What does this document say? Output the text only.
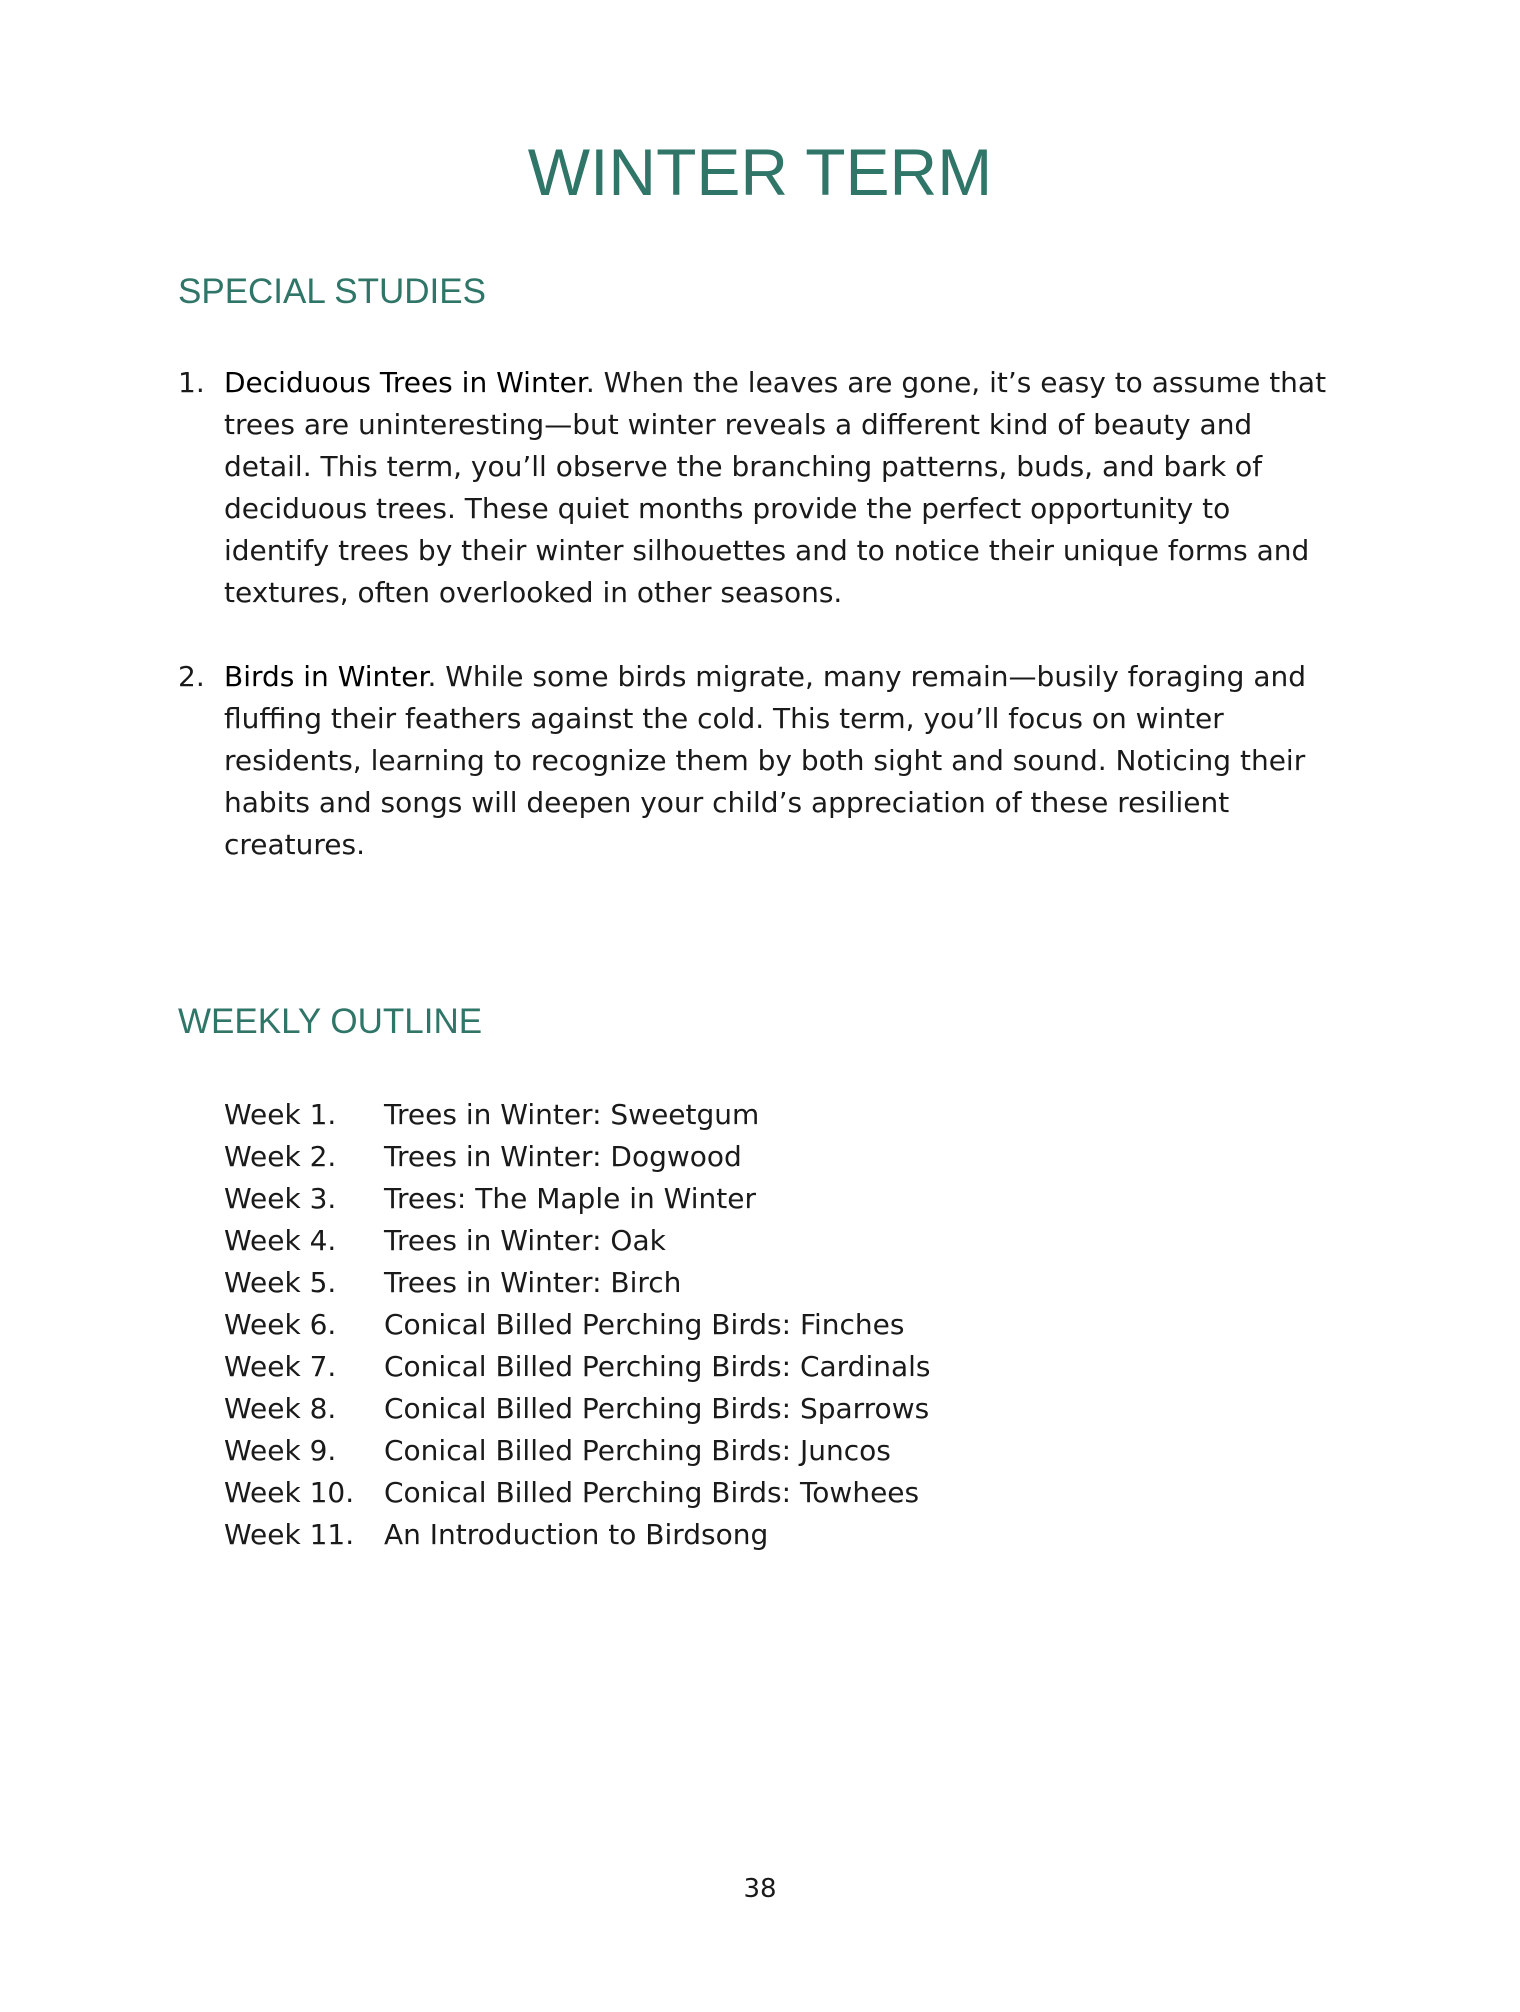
WINTER TERM
SPECIAL STUDIES
1. Deciduous Trees in Winter. When the leaves are gone, it’s easy to assume that trees are uninteresting—but winter reveals a different kind of beauty and detail. This term, you’ll observe the branching patterns, buds, and bark of deciduous trees. These quiet months provide the perfect opportunity to identify trees by their winter silhouettes and to notice their unique forms and textures, often overlooked in other seasons.
2. Birds in Winter. While some birds migrate, many remain—busily foraging and fluffing their feathers against the cold. This term, you’ll focus on winter residents, learning to recognize them by both sight and sound. Noticing their habits and songs will deepen your child’s appreciation of these resilient creatures.
WEEKLY OUTLINE
Week 1.	Trees in Winter: Sweetgum
Week 2.	Trees in Winter: Dogwood
Week 3.	Trees: The Maple in Winter
Week 4.	Trees in Winter: Oak
Week 5.	Trees in Winter: Birch
Week 6.	Conical Billed Perching Birds: Finches
Week 7.	Conical Billed Perching Birds: Cardinals
Week 8.	Conical Billed Perching Birds: Sparrows
Week 9.	Conical Billed Perching Birds: Juncos
Week 10.	Conical Billed Perching Birds: Towhees
Week 11.	An Introduction to Birdsong
38
